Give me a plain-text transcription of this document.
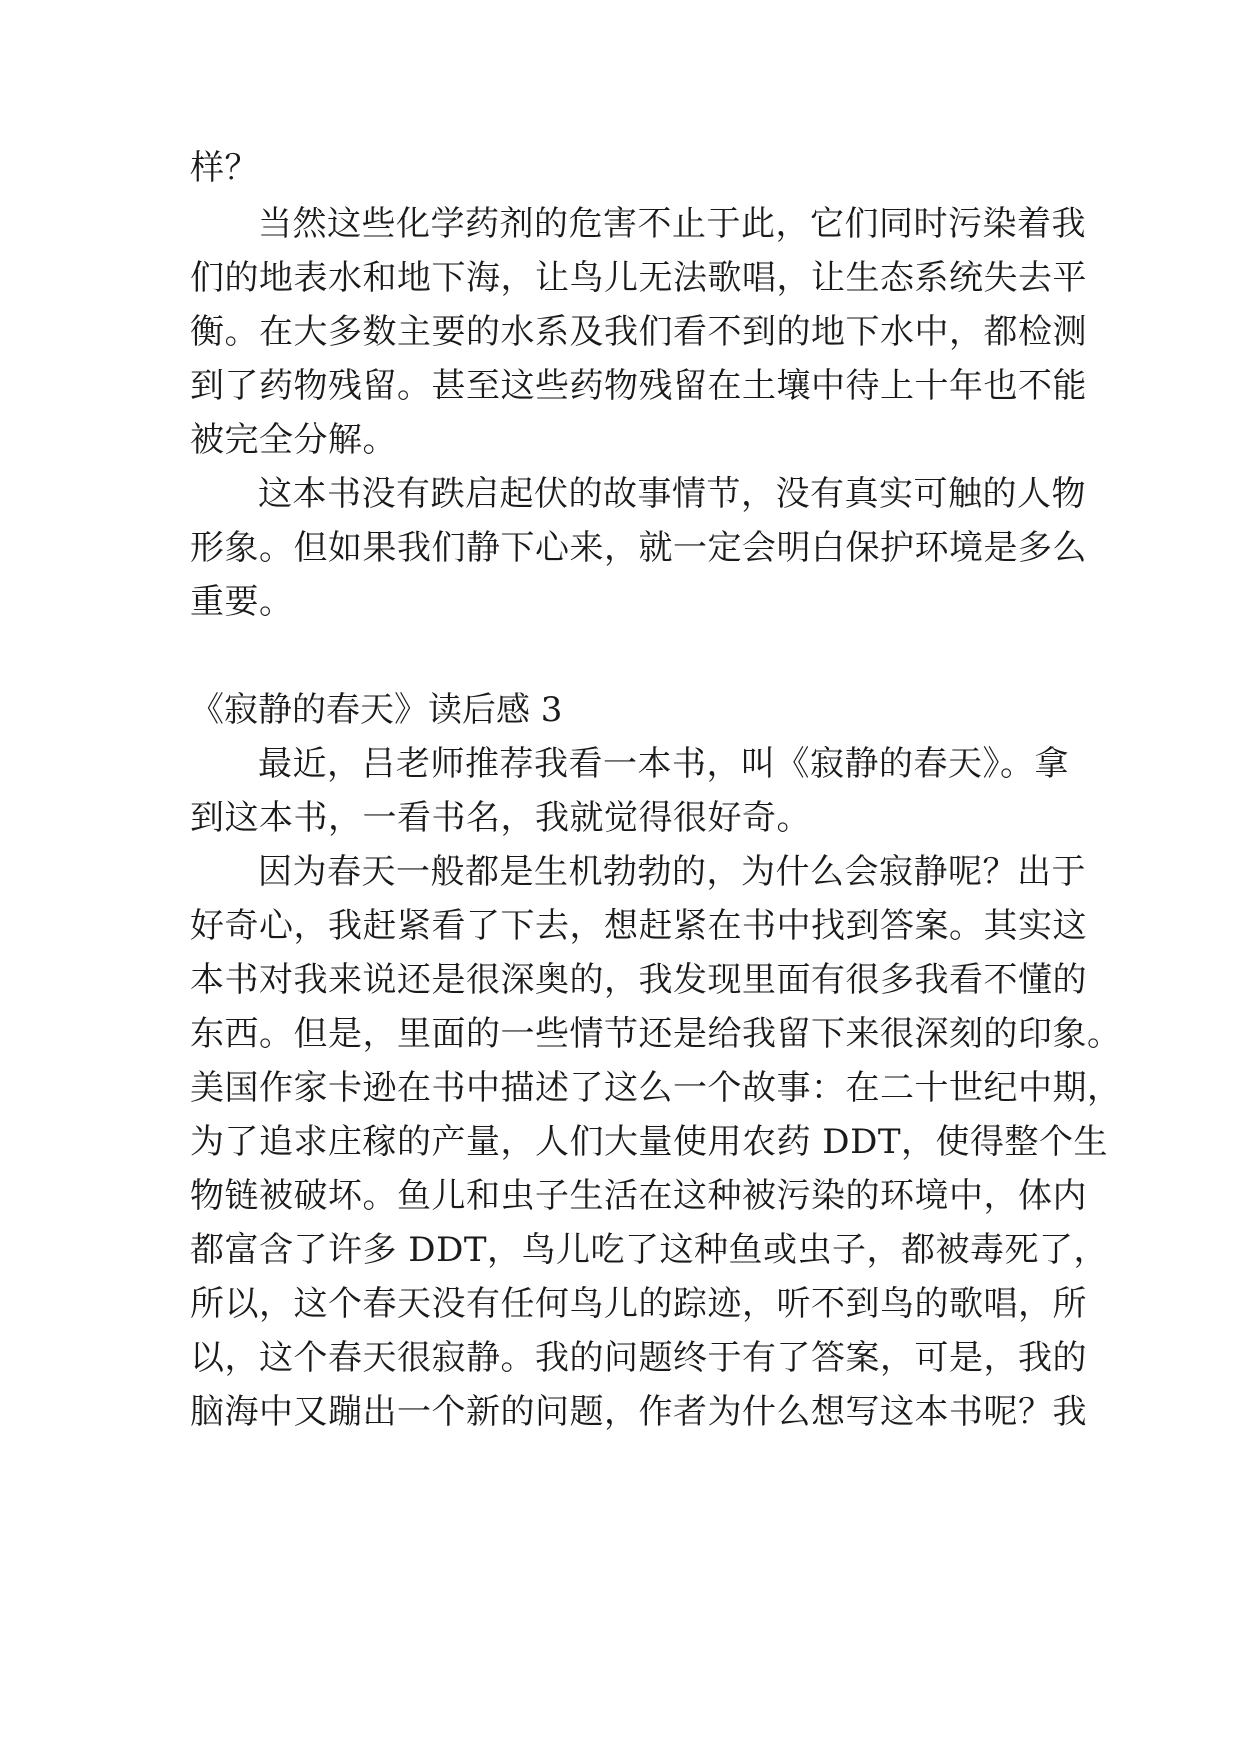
样？
当然这些化学药剂的危害不止于此，它们同时污染着我
们的地表水和地下海，让鸟儿无法歌唱，让生态系统失去平
衡。在大多数主要的水系及我们看不到的地下水中，都检测
到了药物残留。甚至这些药物残留在土壤中待上十年也不能
被完全分解。
这本书没有跌启起伏的故事情节，没有真实可触的人物
形象。但如果我们静下心来，就一定会明白保护环境是多么
重要。
《寂静的春天》读后感 3
最近，吕老师推荐我看一本书，叫《寂静的春天》。拿
到这本书，一看书名，我就觉得很好奇。
因为春天一般都是生机勃勃的，为什么会寂静呢？出于
好奇心，我赶紧看了下去，想赶紧在书中找到答案。其实这
本书对我来说还是很深奥的，我发现里面有很多我看不懂的
东西。但是，里面的一些情节还是给我留下来很深刻的印象。
美国作家卡逊在书中描述了这么一个故事：在二十世纪中期，
为了追求庄稼的产量，人们大量使用农药 DDT，使得整个生
物链被破坏。鱼儿和虫子生活在这种被污染的环境中，体内
都富含了许多 DDT，鸟儿吃了这种鱼或虫子，都被毒死了，
所以，这个春天没有任何鸟儿的踪迹，听不到鸟的歌唱，所
以，这个春天很寂静。我的问题终于有了答案，可是，我的
脑海中又蹦出一个新的问题，作者为什么想写这本书呢？我
